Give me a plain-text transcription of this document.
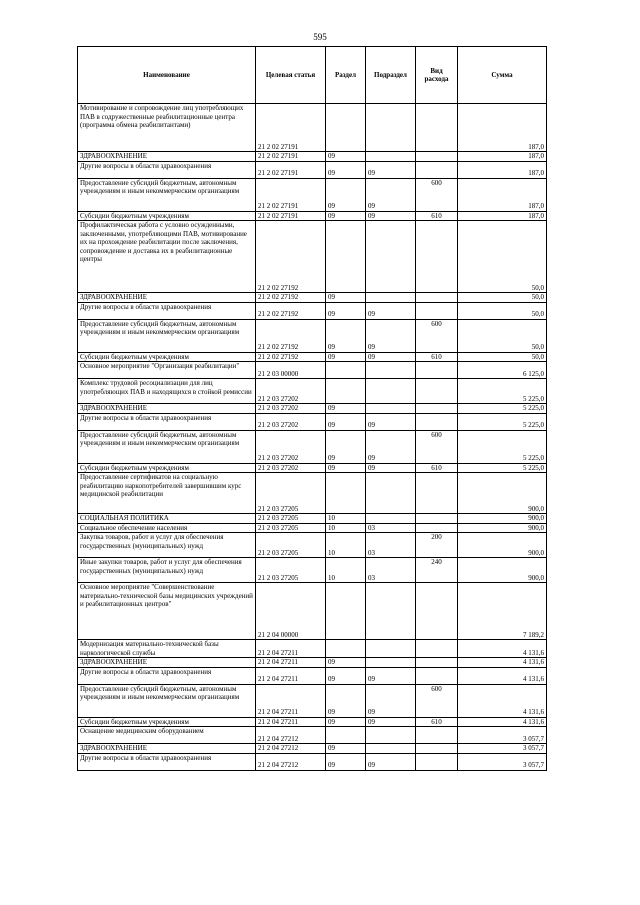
595
Наименование	Целевая статья	Раздел	Подраздел	Вид расхода	Сумма
Мотивирование и сопровождение лиц употребляющих ПАВ в содружественные реабилитационные центра (программа обмена реабилитантами)	21 2 02 27191				187,0
ЗДРАВООХРАНЕНИЕ	21 2 02 27191	09			187,0
Другие вопросы в области здравоохранения	21 2 02 27191	09	09		187,0
Предоставление субсидий бюджетным, автономным учреждениям и иным некоммерческим организациям	21 2 02 27191	09	09	600	187,0
Субсидии бюджетным учреждениям	21 2 02 27191	09	09	610	187,0
Профилактическая работа с условно осужденными, заключенными, употребляющими ПАВ, мотивирование их на прохождение реабилитации после заключения, сопровождение и доставка их в реабилитационные центры	21 2 02 27192				50,0
ЗДРАВООХРАНЕНИЕ	21 2 02 27192	09			50,0
Другие вопросы в области здравоохранения	21 2 02 27192	09	09		50,0
Предоставление субсидий бюджетным, автономным учреждениям и иным некоммерческим организациям	21 2 02 27192	09	09	600	50,0
Субсидии бюджетным учреждениям	21 2 02 27192	09	09	610	50,0
Основное мероприятие "Организация реабилитации"	21 2 03 00000				6 125,0
Комплекс трудовой ресоциализации для лиц употребляющих ПАВ и находящихся в стойкой ремиссии	21 2 03 27202				5 225,0
ЗДРАВООХРАНЕНИЕ	21 2 03 27202	09			5 225,0
Другие вопросы в области здравоохранения	21 2 03 27202	09	09		5 225,0
Предоставление субсидий бюджетным, автономным учреждениям и иным некоммерческим организациям	21 2 03 27202	09	09	600	5 225,0
Субсидии бюджетным учреждениям	21 2 03 27202	09	09	610	5 225,0
Предоставление сертификатов на социальную реабилитацию наркопотребителей завершившим курс медицинской реабилитации	21 2 03 27205				900,0
СОЦИАЛЬНАЯ ПОЛИТИКА	21 2 03 27205	10			900,0
Социальное обеспечение населения	21 2 03 27205	10	03		900,0
Закупка товаров, работ и услуг для обеспечения государственных (муниципальных) нужд	21 2 03 27205	10	03	200	900,0
Иные закупки товаров, работ и услуг для обеспечения государственных (муниципальных) нужд	21 2 03 27205	10	03	240	900,0
Основное мероприятие "Совершенствование материально-технической базы медицинских учреждений и реабилитационных центров"	21 2 04 00000				7 189,2
Модернизация материально-технической базы наркологической службы	21 2 04 27211				4 131,6
ЗДРАВООХРАНЕНИЕ	21 2 04 27211	09			4 131,6
Другие вопросы в области здравоохранения	21 2 04 27211	09	09		4 131,6
Предоставление субсидий бюджетным, автономным учреждениям и иным некоммерческим организациям	21 2 04 27211	09	09	600	4 131,6
Субсидии бюджетным учреждениям	21 2 04 27211	09	09	610	4 131,6
Оснащение медицинским оборудованием	21 2 04 27212				3 057,7
ЗДРАВООХРАНЕНИЕ	21 2 04 27212	09			3 057,7
Другие вопросы в области здравоохранения	21 2 04 27212	09	09		3 057,7
